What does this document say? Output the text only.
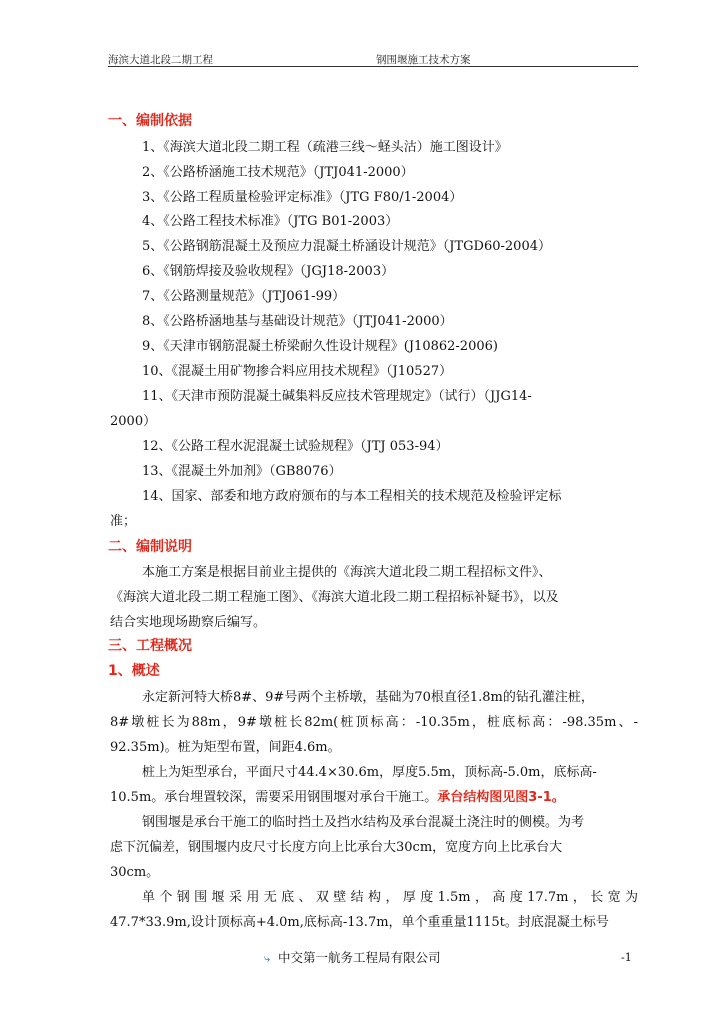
海滨大道北段二期工程	钢围堰施工技术方案
一、编制依据
1、《海滨大道北段二期工程（疏港三线～蛏头沽）施工图设计》
2、《公路桥涵施工技术规范》（JTJ041-2000）
3、《公路工程质量检验评定标准》（JTG F80/1-2004）
4、《公路工程技术标准》（JTG B01-2003）
5、《公路钢筋混凝土及预应力混凝土桥涵设计规范》（JTGD60-2004）
6、《钢筋焊接及验收规程》（JGJ18-2003）
7、《公路测量规范》（JTJ061-99）
8、《公路桥涵地基与基础设计规范》（JTJ041-2000）
9、《天津市钢筋混凝土桥梁耐久性设计规程》(J10862-2006)
10、《混凝土用矿物掺合料应用技术规程》（J10527）
11、《天津市预防混凝土碱集料反应技术管理规定》（试行）（JJG14-
2000）
12、《公路工程水泥混凝土试验规程》（JTJ 053-94）
13、《混凝土外加剂》（GB8076）
14、国家、部委和地方政府颁布的与本工程相关的技术规范及检验评定标
准；
二、编制说明
本施工方案是根据目前业主提供的《海滨大道北段二期工程招标文件》、
《海滨大道北段二期工程施工图》、《海滨大道北段二期工程招标补疑书》，以及
结合实地现场勘察后编写。
三、工程概况
1、概述
永定新河特大桥8#、9#号两个主桥墩，基础为70根直径1.8m的钻孔灌注桩，
8#墩桩长为88m，9#墩桩长82m(桩顶标高：-10.35m，桩底标高：-98.35m、-
92.35m)。桩为矩型布置，间距4.6m。
桩上为矩型承台，平面尺寸44.4×30.6m，厚度5.5m，顶标高-5.0m，底标高-
10.5m。承台埋置较深，需要采用钢围堰对承台干施工。承台结构图见图3-1。
钢围堰是承台干施工的临时挡土及挡水结构及承台混凝土浇注时的侧模。为考
虑下沉偏差，钢围堰内皮尺寸长度方向上比承台大30cm，宽度方向上比承台大
30cm。
单个钢围堰采用无底、双壁结构，厚度1.5m，高度17.7m，长宽为
47.7*33.9m,设计顶标高+4.0m,底标高-13.7m，单个重重量1115t。封底混凝土标号
⤷ 中交第一航务工程局有限公司	-1
